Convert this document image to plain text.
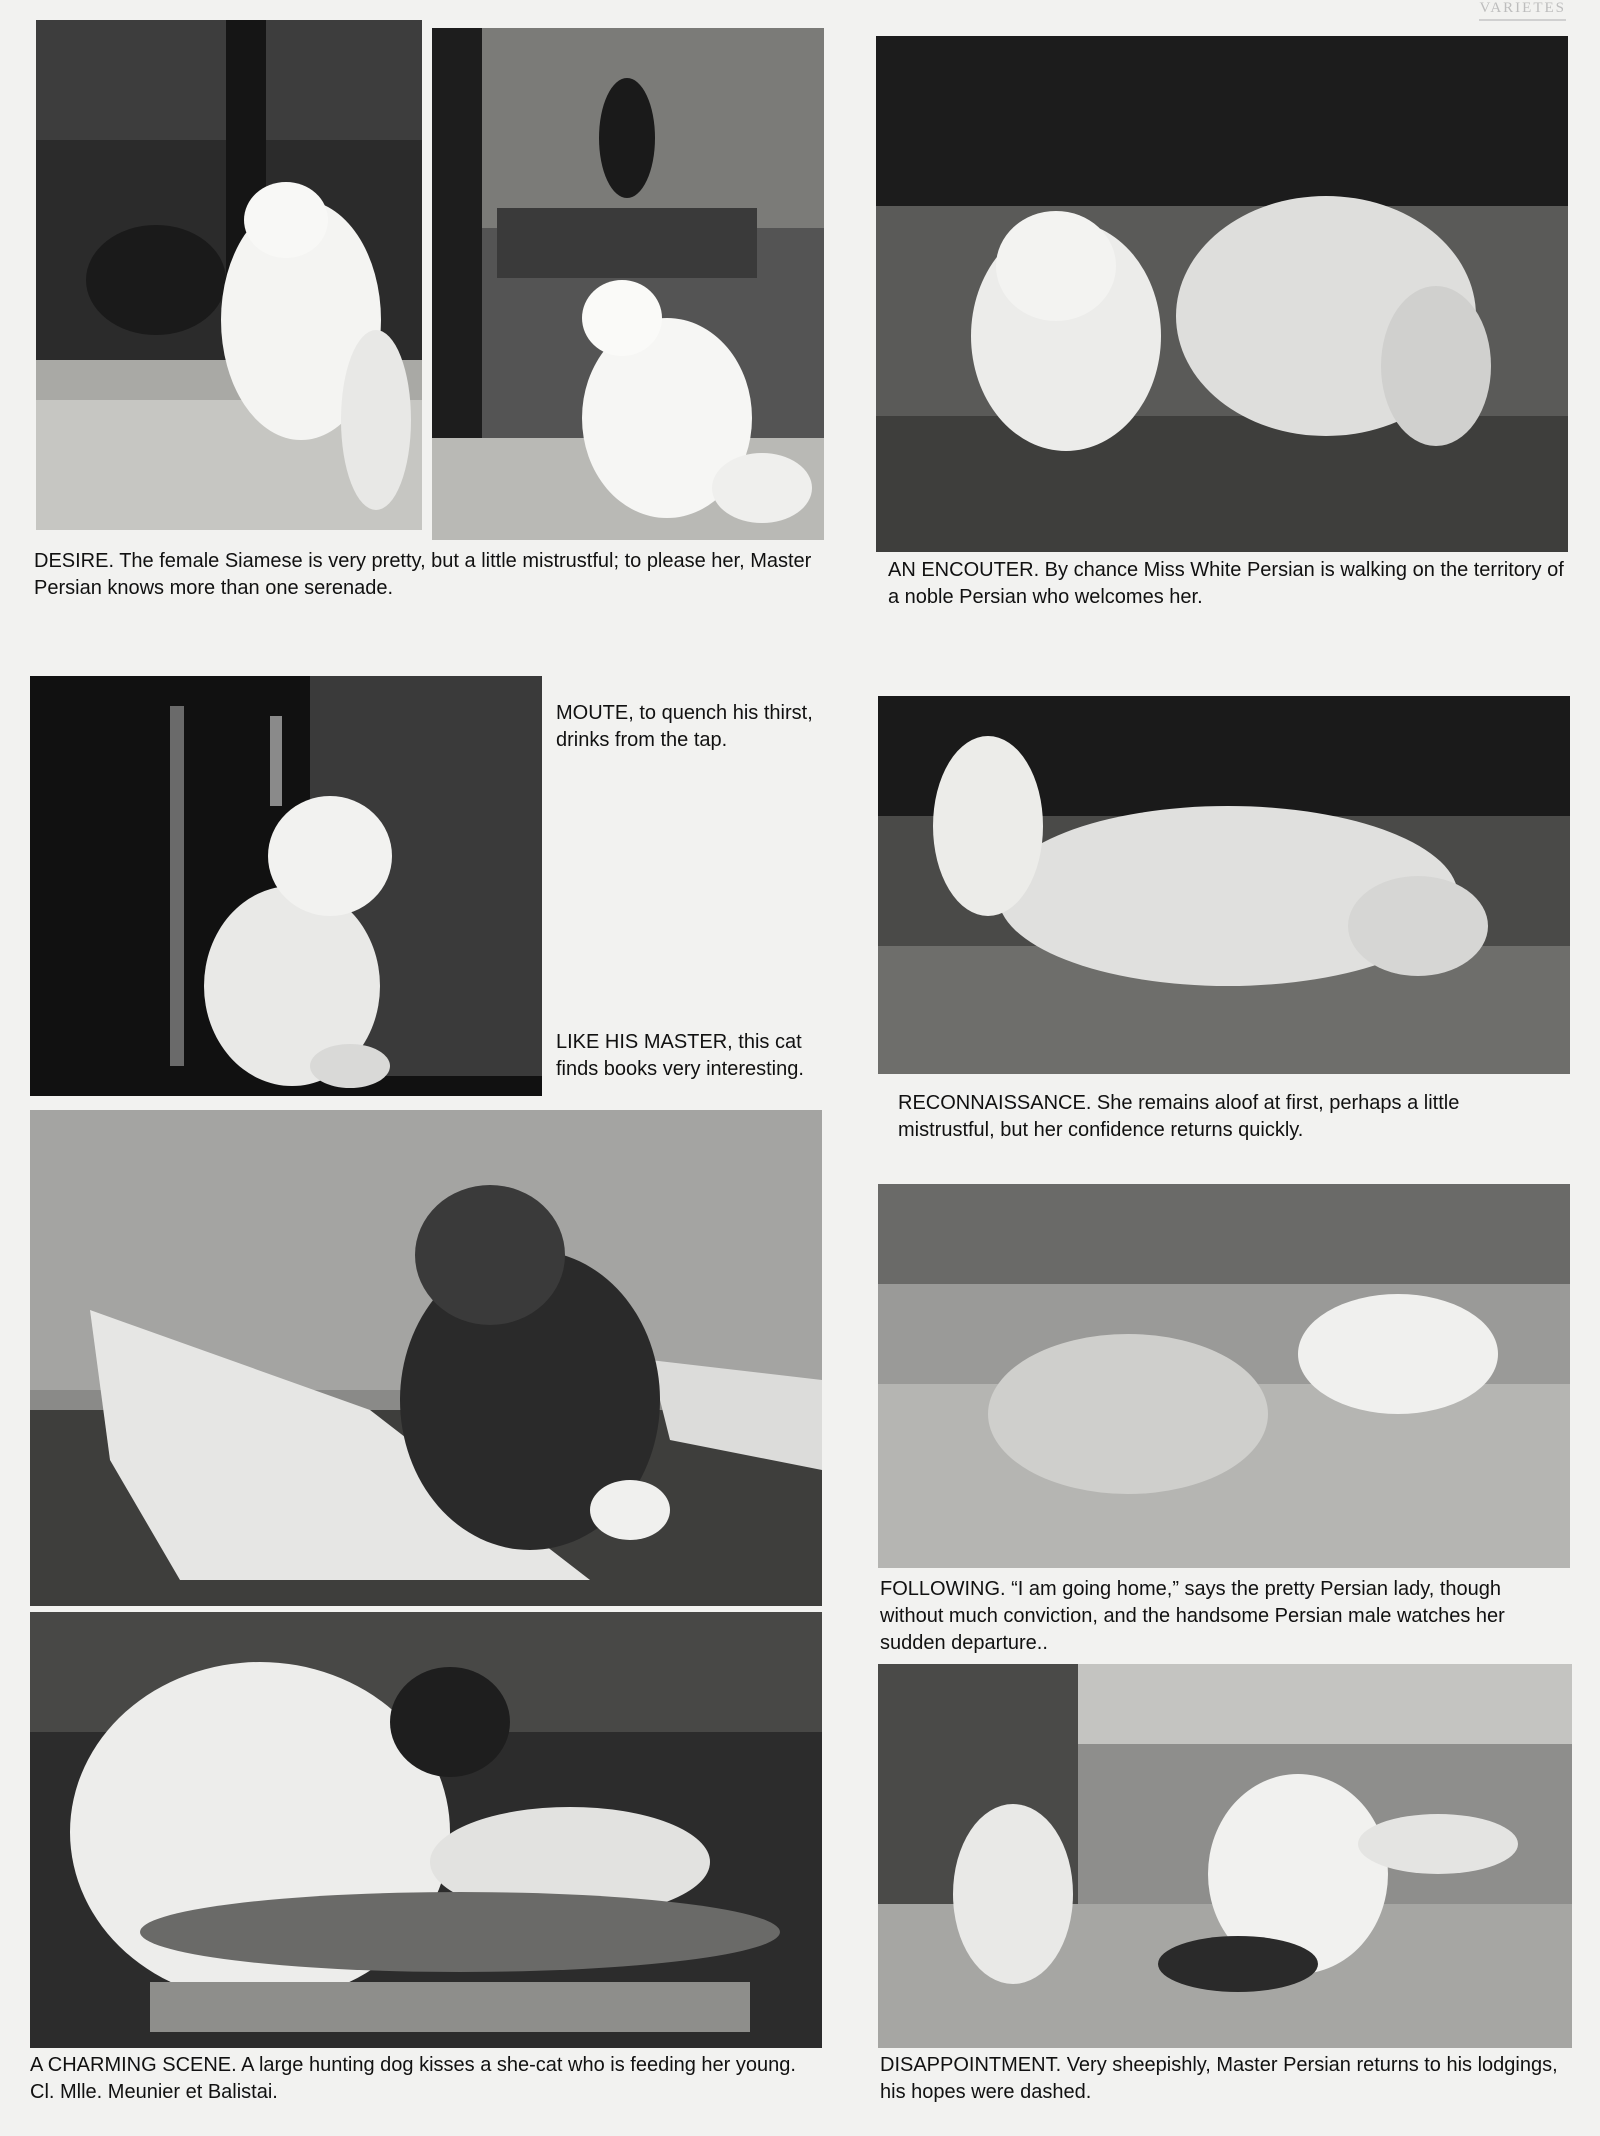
VARIETES

DESIRE. The female Siamese is very pretty, but a little mistrustful; to please her, Master Persian knows more than one serenade.

AN ENCOUTER. By chance Miss White Persian is walking on the territory of a noble Persian who welcomes her.

MOUTE, to quench his thirst, drinks from the tap.

LIKE HIS MASTER, this cat finds books very interesting.

RECONNAISSANCE. She remains aloof at first, perhaps a little mistrustful, but her confidence returns quickly.

FOLLOWING. “I am going home,” says the pretty Persian lady, though without much conviction, and the handsome Persian male watches her sudden departure..

A CHARMING SCENE. A large hunting dog kisses a she-cat who is feeding her young. Cl. Mlle. Meunier et Balistai.

DISAPPOINTMENT. Very sheepishly, Master Persian returns to his lodgings, his hopes were dashed.
